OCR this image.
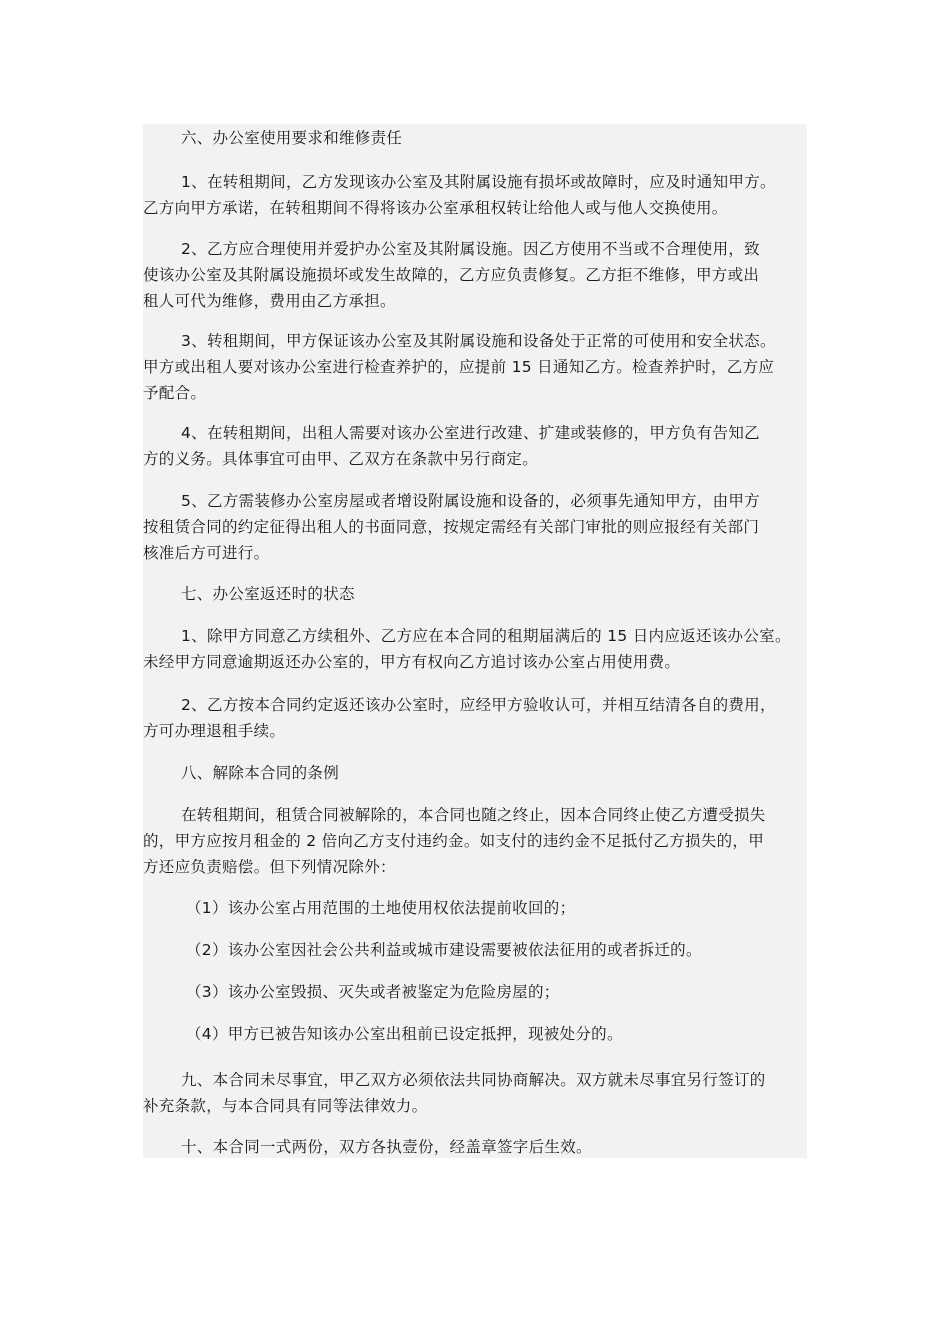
六、办公室使用要求和维修责任
1、在转租期间，乙方发现该办公室及其附属设施有损坏或故障时，应及时通知甲方。
乙方向甲方承诺，在转租期间不得将该办公室承租权转让给他人或与他人交换使用。
2、乙方应合理使用并爱护办公室及其附属设施。因乙方使用不当或不合理使用，致
使该办公室及其附属设施损坏或发生故障的，乙方应负责修复。乙方拒不维修，甲方或出
租人可代为维修，费用由乙方承担。
3、转租期间，甲方保证该办公室及其附属设施和设备处于正常的可使用和安全状态。
甲方或出租人要对该办公室进行检查养护的，应提前 15 日通知乙方。检查养护时，乙方应
予配合。
4、在转租期间，出租人需要对该办公室进行改建、扩建或装修的，甲方负有告知乙
方的义务。具体事宜可由甲、乙双方在条款中另行商定。
5、乙方需装修办公室房屋或者增设附属设施和设备的，必须事先通知甲方，由甲方
按租赁合同的约定征得出租人的书面同意，按规定需经有关部门审批的则应报经有关部门
核准后方可进行。
七、办公室返还时的状态
1、除甲方同意乙方续租外、乙方应在本合同的租期届满后的 15 日内应返还该办公室。
未经甲方同意逾期返还办公室的，甲方有权向乙方追讨该办公室占用使用费。
2、乙方按本合同约定返还该办公室时，应经甲方验收认可，并相互结清各自的费用，
方可办理退租手续。
八、解除本合同的条例
在转租期间，租赁合同被解除的，本合同也随之终止，因本合同终止使乙方遭受损失
的，甲方应按月租金的 2 倍向乙方支付违约金。如支付的违约金不足抵付乙方损失的，甲
方还应负责赔偿。但下列情况除外：
（1）该办公室占用范围的土地使用权依法提前收回的；
（2）该办公室因社会公共利益或城市建设需要被依法征用的或者拆迁的。
（3）该办公室毁损、灭失或者被鉴定为危险房屋的；
（4）甲方已被告知该办公室出租前已设定抵押，现被处分的。
九、本合同未尽事宜，甲乙双方必须依法共同协商解决。双方就未尽事宜另行签订的
补充条款，与本合同具有同等法律效力。
十、本合同一式两份，双方各执壹份，经盖章签字后生效。
